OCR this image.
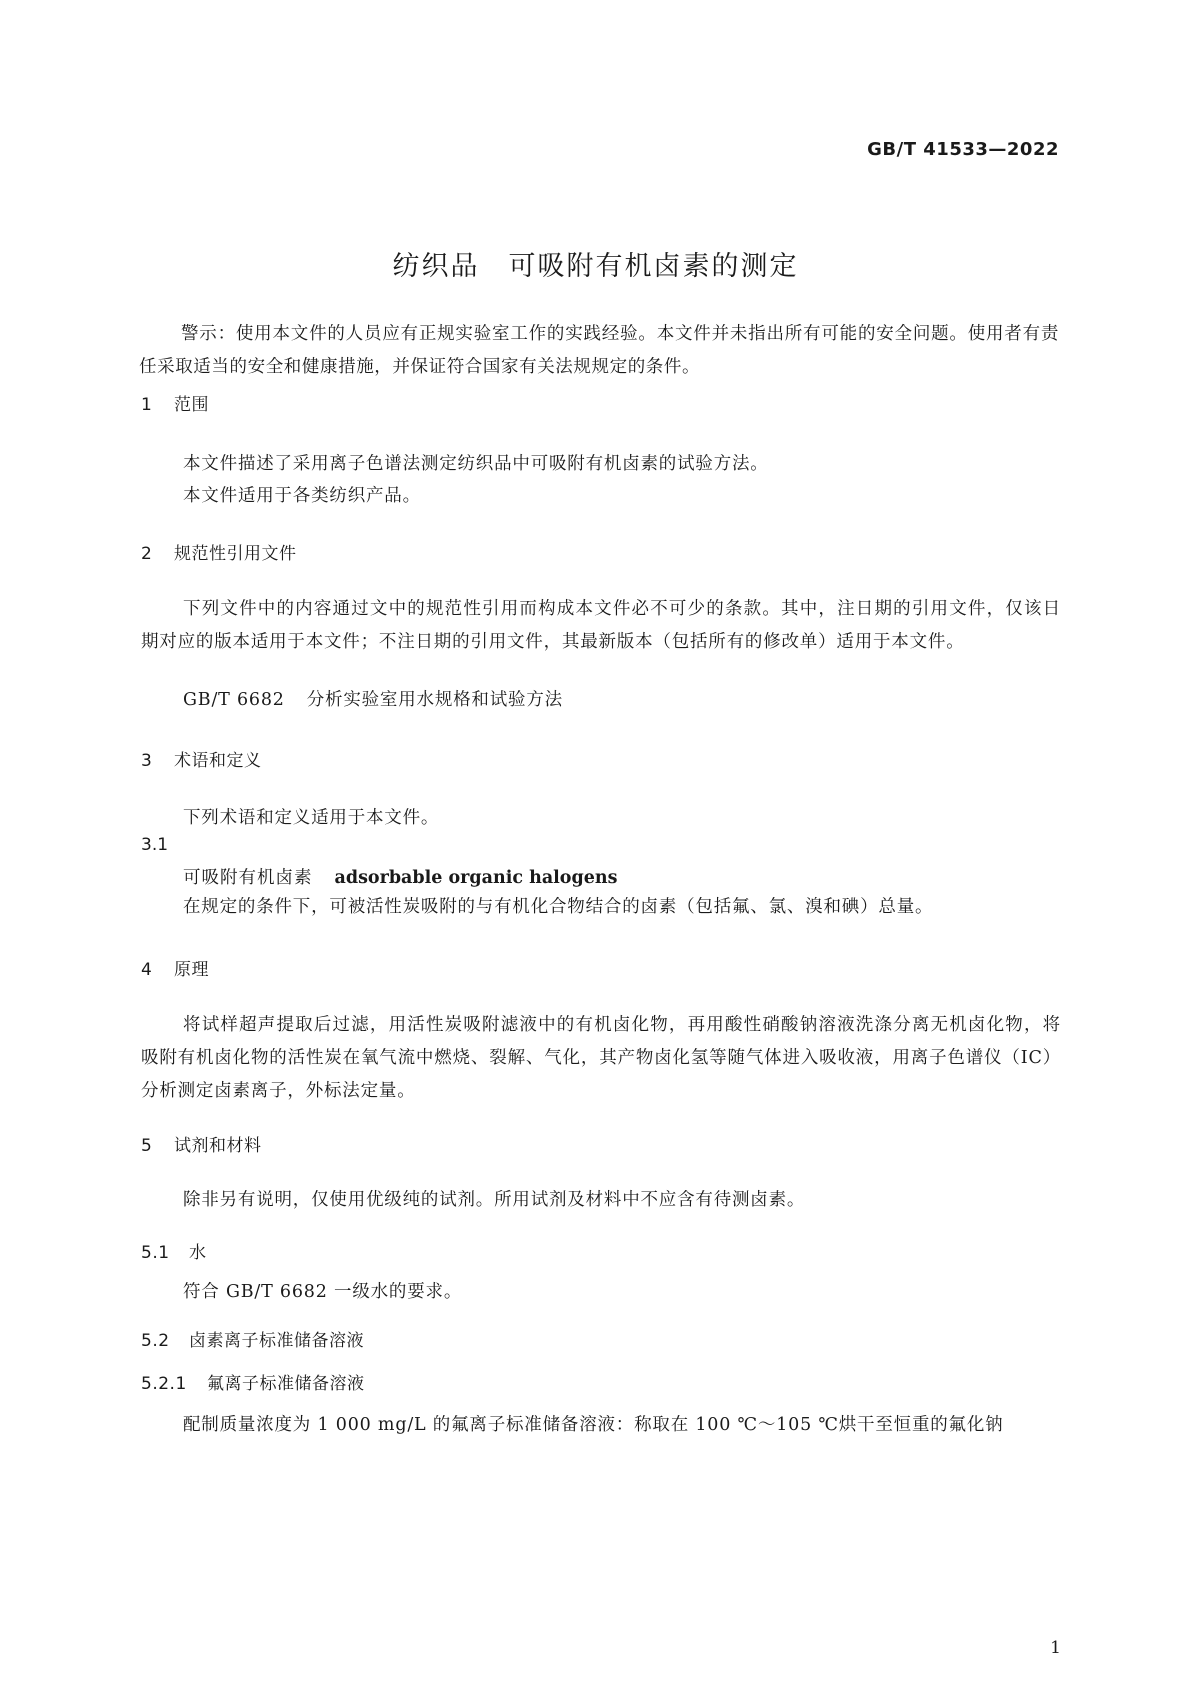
GB/T 41533—2022
纺织品　可吸附有机卤素的测定
警示：使用本文件的人员应有正规实验室工作的实践经验。本文件并未指出所有可能的安全问题。使用者有责任采取适当的安全和健康措施，并保证符合国家有关法规规定的条件。
1 范围
本文件描述了采用离子色谱法测定纺织品中可吸附有机卤素的试验方法。
本文件适用于各类纺织产品。
2 规范性引用文件
下列文件中的内容通过文中的规范性引用而构成本文件必不可少的条款。其中，注日期的引用文件，仅该日期对应的版本适用于本文件；不注日期的引用文件，其最新版本（包括所有的修改单）适用于本文件。
GB/T 6682 分析实验室用水规格和试验方法
3 术语和定义
下列术语和定义适用于本文件。
3.1
可吸附有机卤素 adsorbable organic halogens
在规定的条件下，可被活性炭吸附的与有机化合物结合的卤素（包括氟、氯、溴和碘）总量。
4 原理
将试样超声提取后过滤，用活性炭吸附滤液中的有机卤化物，再用酸性硝酸钠溶液洗涤分离无机卤化物，将吸附有机卤化物的活性炭在氧气流中燃烧、裂解、气化，其产物卤化氢等随气体进入吸收液，用离子色谱仪（IC）分析测定卤素离子，外标法定量。
5 试剂和材料
除非另有说明，仅使用优级纯的试剂。所用试剂及材料中不应含有待测卤素。
5.1 水
符合 GB/T 6682 一级水的要求。
5.2 卤素离子标准储备溶液
5.2.1 氟离子标准储备溶液
配制质量浓度为 1 000 mg/L 的氟离子标准储备溶液：称取在 100 ℃～105 ℃烘干至恒重的氟化钠
1
